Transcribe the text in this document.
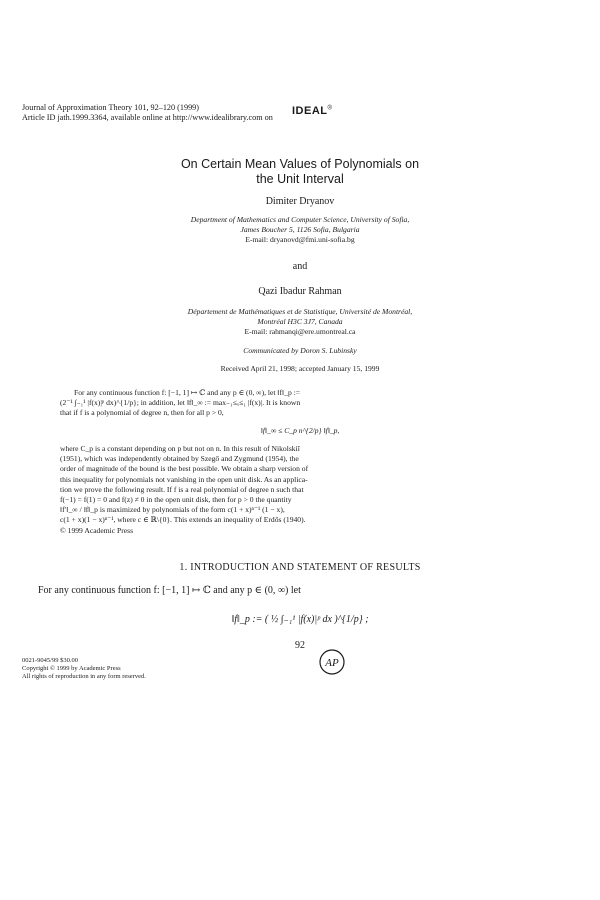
Journal of Approximation Theory 101, 92–120 (1999)
Article ID jath.1999.3364, available online at http://www.idealibrary.com on	IDEAL®
On Certain Mean Values of Polynomials on
the Unit Interval
Dimiter Dryanov
Department of Mathematics and Computer Science, University of Sofia,
James Boucher 5, 1126 Sofia, Bulgaria
E-mail: dryanovd@fmi.uni-sofia.bg
and
Qazi Ibadur Rahman
Département de Mathématiques et de Statistique, Université de Montréal,
Montréal H3C 3J7, Canada
E-mail: rahmanqi@ere.umontreal.ca
Communicated by Doron S. Lubinsky
Received April 21, 1998; accepted January 15, 1999

For any continuous function f: [−1, 1] ↦ ℂ and any p ∈ (0, ∞), let ‖f‖_p :=

(2⁻¹ ∫₋₁¹ |f(x)|ᵖ dx)^{1/p}; in addition, let ‖f‖_∞ := max₋₁≤ₓ≤₁ |f(x)|. It is known

that if f is a polynomial of degree n, then for all p > 0,

‖f‖_∞ ≤ C_p n^{2/p} ‖f‖_p,

where C_p is a constant depending on p but not on n. In this result of Nikolskiĭ

(1951), which was independently obtained by Szegő and Zygmund (1954), the

order of magnitude of the bound is the best possible. We obtain a sharp version of

this inequality for polynomials not vanishing in the open unit disk. As an applica-

tion we prove the following result. If f is a real polynomial of degree n such that

f(−1) = f(1) = 0 and f(z) ≠ 0 in the open unit disk, then for p > 0 the quantity

‖f′‖_∞ / ‖f‖_p is maximized by polynomials of the form c(1 + x)ⁿ⁻¹ (1 − x),

c(1 + x)(1 − x)ⁿ⁻¹, where c ∈ ℝ\{0}. This extends an inequality of Erdős (1940).

© 1999 Academic Press

1. INTRODUCTION AND STATEMENT OF RESULTS
For any continuous function f: [−1, 1] ↦ ℂ and any p ∈ (0, ∞) let
‖f‖_p := ( ½ ∫₋₁¹ |f(x)|ᵖ dx )^{1/p} ;
92
0021-9045/99 $30.00
Copyright © 1999 by Academic Press
All rights of reproduction in any form reserved.
AP
